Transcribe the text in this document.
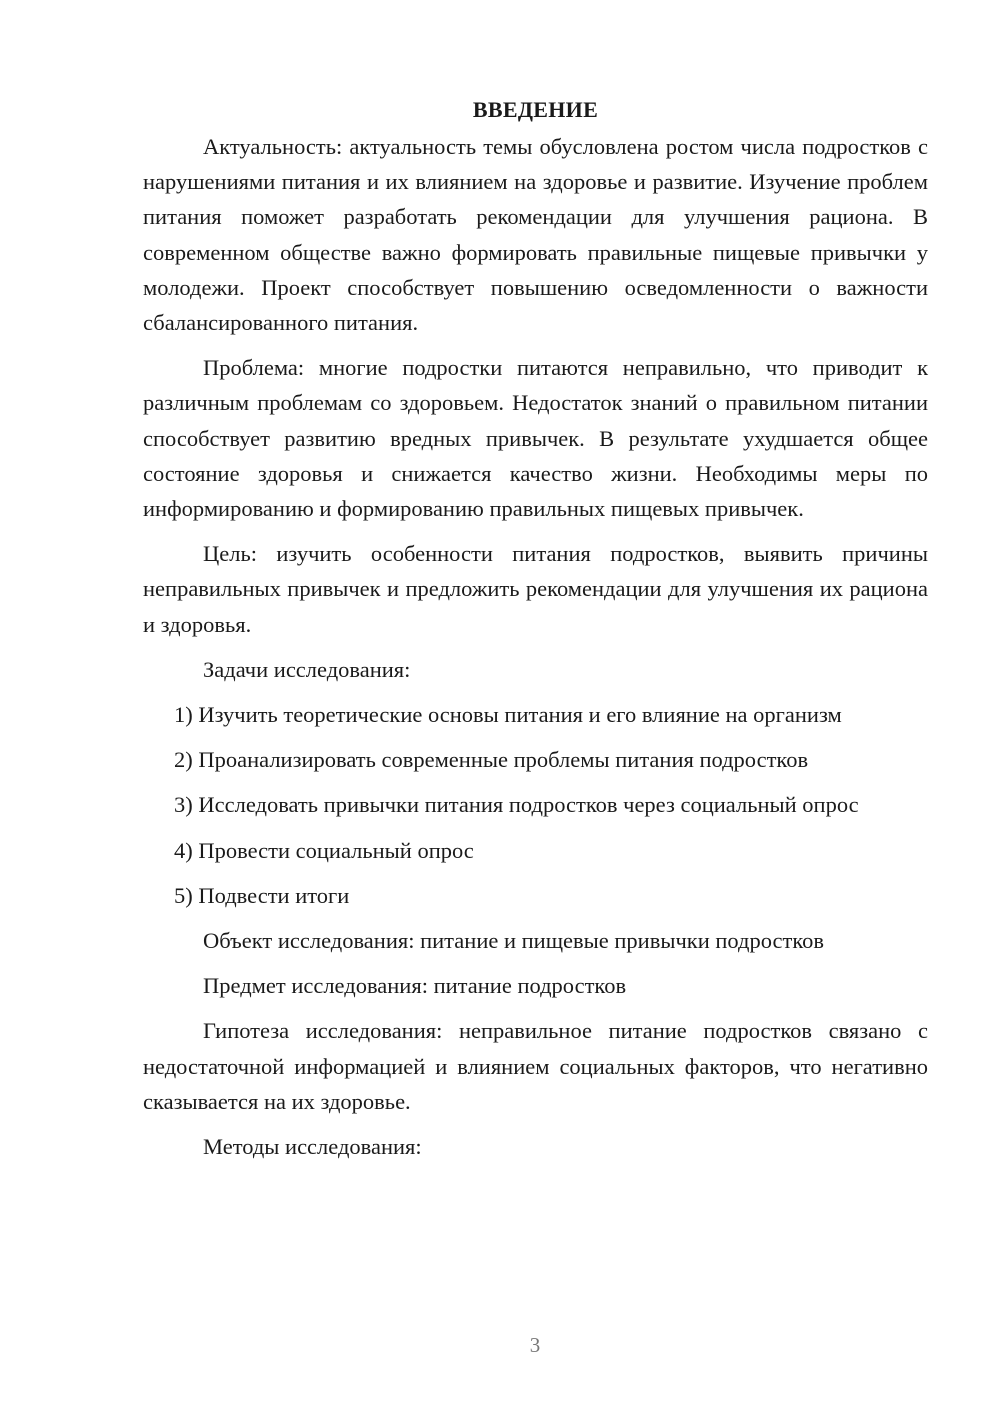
ВВЕДЕНИЕ

Актуальность: актуальность темы обусловлена ростом числа подростков с нарушениями питания и их влиянием на здоровье и развитие. Изучение проблем питания поможет разработать рекомендации для улучшения рациона. В современном обществе важно формировать правильные пищевые привычки у молодежи. Проект способствует повышению осведомленности о важности сбалансированного питания.

Проблема: многие подростки питаются неправильно, что приводит к различным проблемам со здоровьем. Недостаток знаний о правильном питании способствует развитию вредных привычек. В результате ухудшается общее состояние здоровья и снижается качество жизни. Необходимы меры по информированию и формированию правильных пищевых привычек.

Цель: изучить особенности питания подростков, выявить причины неправильных привычек и предложить рекомендации для улучшения их рациона и здоровья.

Задачи исследования:

1) Изучить теоретические основы питания и его влияние на организм

2) Проанализировать современные проблемы питания подростков

3) Исследовать привычки питания подростков через социальный опрос

4) Провести социальный опрос

5) Подвести итоги

Объект исследования: питание и пищевые привычки подростков

Предмет исследования: питание подростков

Гипотеза исследования: неправильное питание подростков связано с недостаточной информацией и влиянием социальных факторов, что негативно сказывается на их здоровье.

Методы исследования:

3
